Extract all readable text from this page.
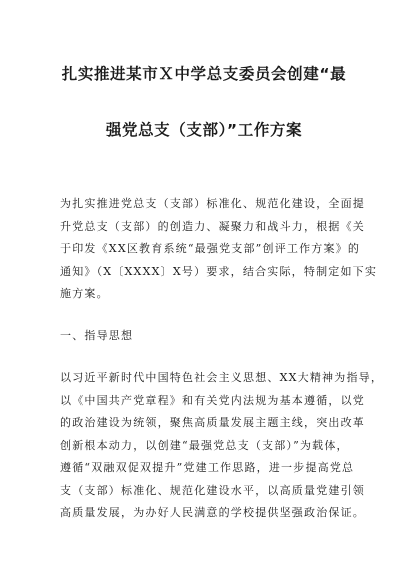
扎实推进某市Ｘ中学总支委员会创建“最
强党总支（支部）”工作方案
为扎实推进党总支（支部）标准化、规范化建设，全面提
升党总支（支部）的创造力、凝聚力和战斗力，根据《关
于印发《XX区教育系统“最强党支部”创评工作方案》的
通知》（X〔XXXX〕X号）要求，结合实际，特制定如下实
施方案。
一、指导思想
以习近平新时代中国特色社会主义思想、XX大精神为指导，
以《中国共产党章程》和有关党内法规为基本遵循，以党
的政治建设为统领，聚焦高质量发展主题主线，突出改革
创新根本动力，以创建“最强党总支（支部）”为载体，
遵循“双融双促双提升”党建工作思路，进一步提高党总
支（支部）标准化、规范化建设水平，以高质量党建引领
高质量发展，为办好人民满意的学校提供坚强政治保证。
